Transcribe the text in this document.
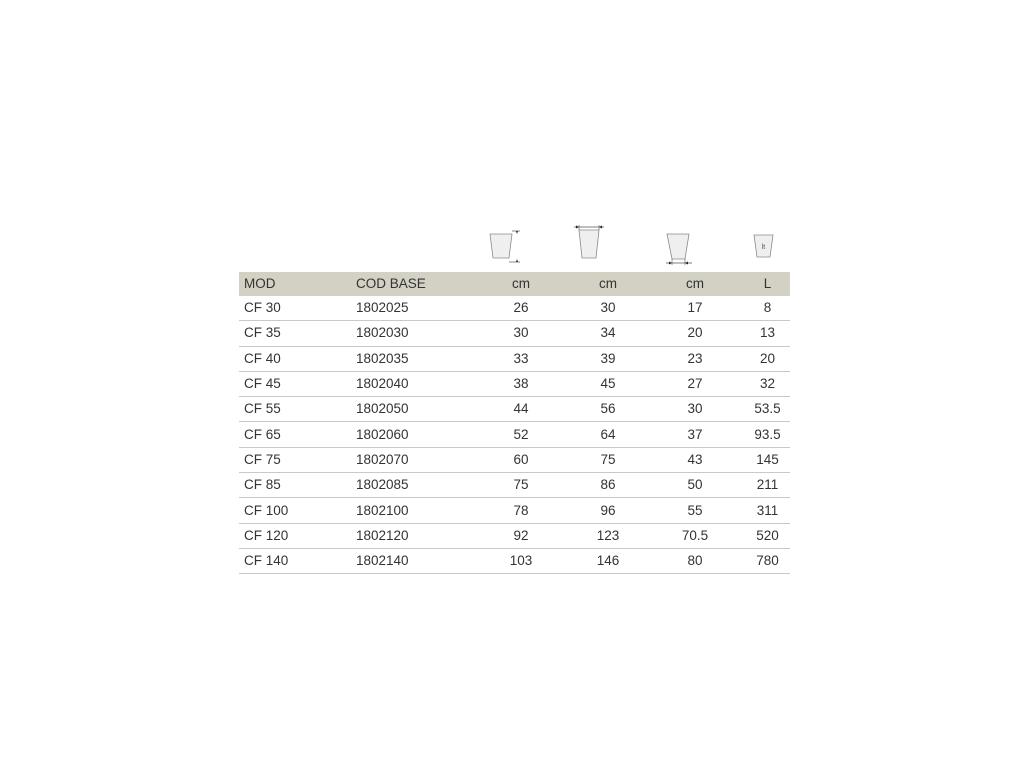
lt
MOD	COD BASE	cm	cm	cm	L
CF 30	1802025	26	30	17	8
CF 35	1802030	30	34	20	13
CF 40	1802035	33	39	23	20
CF 45	1802040	38	45	27	32
CF 55	1802050	44	56	30	53.5
CF 65	1802060	52	64	37	93.5
CF 75	1802070	60	75	43	145
CF 85	1802085	75	86	50	211
CF 100	1802100	78	96	55	311
CF 120	1802120	92	123	70.5	520
CF 140	1802140	103	146	80	780
